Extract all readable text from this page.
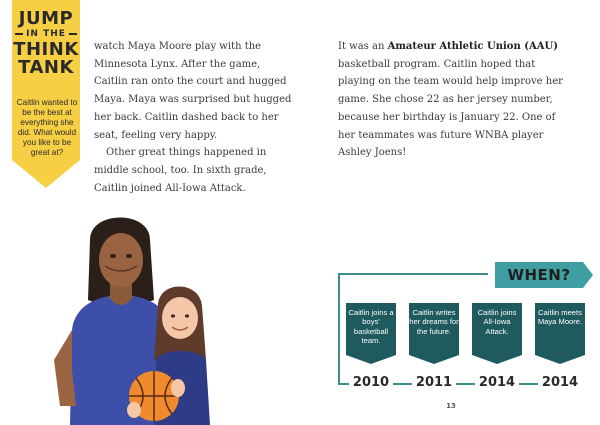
JUMP
IN THE
THINK
TANK
Caitlin wanted to be the best at everything she did. What would you like to be great at?

watch Maya Moore play with the Minnesota Lynx. After the game, Caitlin ran onto the court and hugged Maya. Maya was surprised but hugged her back. Caitlin dashed back to her seat, feeling very happy.

Other great things happened in middle school, too. In sixth grade, Caitlin joined All-Iowa Attack.

It was an Amateur Athletic Union (AAU) basketball program. Caitlin hoped that playing on the team would help improve her game. She chose 22 as her jersey number, because her birthday is January 22. One of her teammates was future WNBA player Ashley Joens!

WHEN?
Caitlin joins a boys' basketball team.
2010
Caitlin writes her dreams for the future.
2011
Caitlin joins All-Iowa Attack.
2014
Caitlin meets Maya Moore.
2014
13
